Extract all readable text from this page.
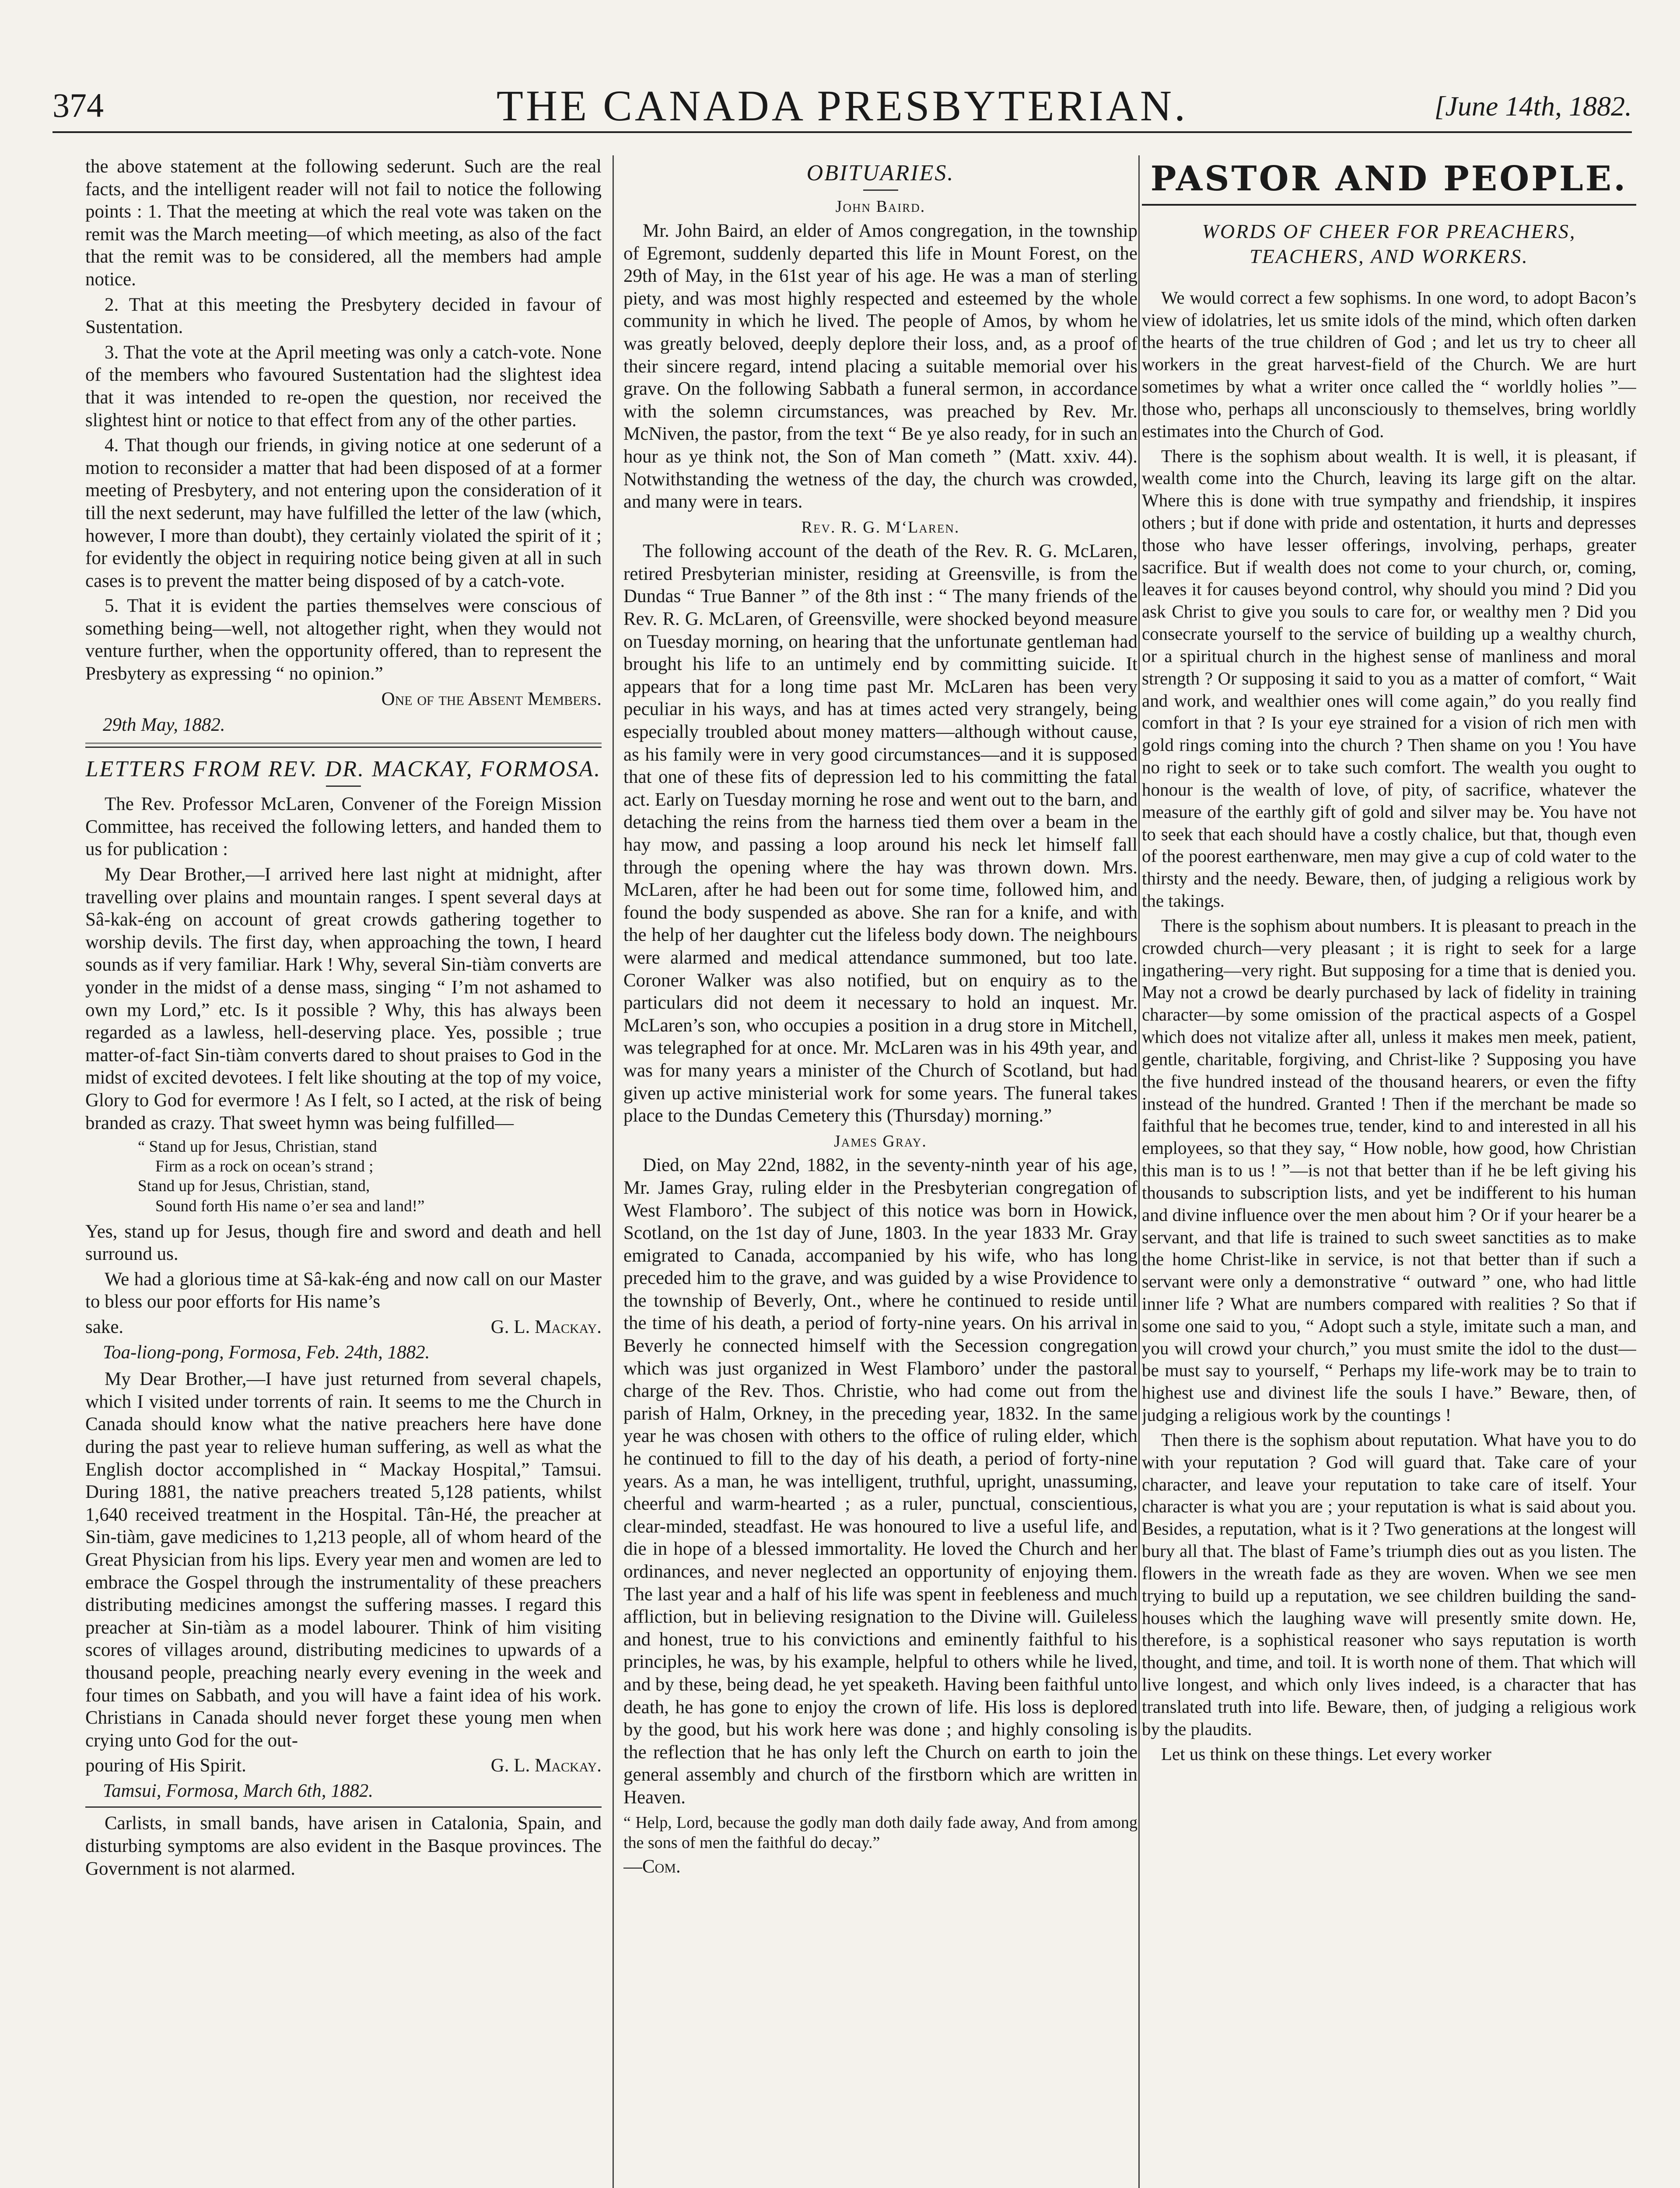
374	THE CANADA PRESBYTERIAN.	[June 14th, 1882.

the above statement at the following sederunt. Such are the real facts, and the intelligent reader will not fail to notice the following points : 1. That the meeting at which the real vote was taken on the remit was the March meeting—of which meeting, as also of the fact that the remit was to be considered, all the members had ample notice.

2. That at this meeting the Presbytery decided in favour of Sustentation.

3. That the vote at the April meeting was only a catch-vote. None of the members who favoured Sustentation had the slightest idea that it was intended to re-open the question, nor received the slightest hint or notice to that effect from any of the other parties.

4. That though our friends, in giving notice at one sederunt of a motion to reconsider a matter that had been disposed of at a former meeting of Presbytery, and not entering upon the consideration of it till the next sederunt, may have fulfilled the letter of the law (which, however, I more than doubt), they certainly violated the spirit of it ; for evidently the object in requiring notice being given at all in such cases is to prevent the matter being disposed of by a catch-vote.

5. That it is evident the parties themselves were conscious of something being—well, not altogether right, when they would not venture further, when the opportunity offered, than to represent the Presbytery as expressing “ no opinion.”

One of the Absent Members.
29th May, 1882.
LETTERS FROM REV. DR. MACKAY, FORMOSA.

The Rev. Professor McLaren, Convener of the Foreign Mission Committee, has received the following letters, and handed them to us for publication :

My Dear Brother,—I arrived here last night at midnight, after travelling over plains and mountain ranges. I spent several days at Sâ-kak-éng on account of great crowds gathering together to worship devils. The first day, when approaching the town, I heard sounds as if very familiar. Hark ! Why, several Sin-tiàm converts are yonder in the midst of a dense mass, singing “ I’m not ashamed to own my Lord,” etc. Is it possible ? Why, this has always been regarded as a lawless, hell-deserving place. Yes, possible ; true matter-of-fact Sin-tiàm converts dared to shout praises to God in the midst of excited devotees. I felt like shouting at the top of my voice, Glory to God for evermore ! As I felt, so I acted, at the risk of being branded as crazy. That sweet hymn was being fulfilled—

“ Stand up for Jesus, Christian, stand
Firm as a rock on ocean’s strand ;
Stand up for Jesus, Christian, stand,
Sound forth His name o’er sea and land!”

Yes, stand up for Jesus, though fire and sword and death and hell surround us.

We had a glorious time at Sâ-kak-éng and now call on our Master to bless our poor efforts for His name’s

sake.	G. L. Mackay.
Toa-liong-pong, Formosa, Feb. 24th, 1882.

My Dear Brother,—I have just returned from several chapels, which I visited under torrents of rain. It seems to me the Church in Canada should know what the native preachers here have done during the past year to relieve human suffering, as well as what the English doctor accomplished in “ Mackay Hospital,” Tamsui. During 1881, the native preachers treated 5,128 patients, whilst 1,640 received treatment in the Hospital. Tân-Hé, the preacher at Sin-tiàm, gave medicines to 1,213 people, all of whom heard of the Great Physician from his lips. Every year men and women are led to embrace the Gospel through the instrumentality of these preachers distributing medicines amongst the suffering masses. I regard this preacher at Sin-tiàm as a model labourer. Think of him visiting scores of villages around, distributing medicines to upwards of a thousand people, preaching nearly every evening in the week and four times on Sabbath, and you will have a faint idea of his work. Christians in Canada should never forget these young men when crying unto God for the out-

pouring of His Spirit.	G. L. Mackay.
Tamsui, Formosa, March 6th, 1882.

Carlists, in small bands, have arisen in Catalonia, Spain, and disturbing symptoms are also evident in the Basque provinces. The Government is not alarmed.

OBITUARIES.
John Baird.

Mr. John Baird, an elder of Amos congregation, in the township of Egremont, suddenly departed this life in Mount Forest, on the 29th of May, in the 61st year of his age. He was a man of sterling piety, and was most highly respected and esteemed by the whole community in which he lived. The people of Amos, by whom he was greatly beloved, deeply deplore their loss, and, as a proof of their sincere regard, intend placing a suitable memorial over his grave. On the following Sabbath a funeral sermon, in accordance with the solemn circumstances, was preached by Rev. Mr. McNiven, the pastor, from the text “ Be ye also ready, for in such an hour as ye think not, the Son of Man cometh ” (Matt. xxiv. 44). Notwithstanding the wetness of the day, the church was crowded, and many were in tears.

Rev. R. G. M‘Laren.

The following account of the death of the Rev. R. G. McLaren, retired Presbyterian minister, residing at Greensville, is from the Dundas “ True Banner ” of the 8th inst : “ The many friends of the Rev. R. G. McLaren, of Greensville, were shocked beyond measure on Tuesday morning, on hearing that the unfortunate gentleman had brought his life to an untimely end by committing suicide. It appears that for a long time past Mr. McLaren has been very peculiar in his ways, and has at times acted very strangely, being especially troubled about money matters—although without cause, as his family were in very good circumstances—and it is supposed that one of these fits of depression led to his committing the fatal act. Early on Tuesday morning he rose and went out to the barn, and detaching the reins from the harness tied them over a beam in the hay mow, and passing a loop around his neck let himself fall through the opening where the hay was thrown down. Mrs. McLaren, after he had been out for some time, followed him, and found the body suspended as above. She ran for a knife, and with the help of her daughter cut the lifeless body down. The neighbours were alarmed and medical attendance summoned, but too late. Coroner Walker was also notified, but on enquiry as to the particulars did not deem it necessary to hold an inquest. Mr. McLaren’s son, who occupies a position in a drug store in Mitchell, was telegraphed for at once. Mr. McLaren was in his 49th year, and was for many years a minister of the Church of Scotland, but had given up active ministerial work for some years. The funeral takes place to the Dundas Cemetery this (Thursday) morning.”

James Gray.

Died, on May 22nd, 1882, in the seventy-ninth year of his age, Mr. James Gray, ruling elder in the Presbyterian congregation of West Flamboro’. The subject of this notice was born in Howick, Scotland, on the 1st day of June, 1803. In the year 1833 Mr. Gray emigrated to Canada, accompanied by his wife, who has long preceded him to the grave, and was guided by a wise Providence to the township of Beverly, Ont., where he continued to reside until the time of his death, a period of forty-nine years. On his arrival in Beverly he connected himself with the Secession congregation which was just organized in West Flamboro’ under the pastoral charge of the Rev. Thos. Christie, who had come out from the parish of Halm, Orkney, in the preceding year, 1832. In the same year he was chosen with others to the office of ruling elder, which he continued to fill to the day of his death, a period of forty-nine years. As a man, he was intelligent, truthful, upright, unassuming, cheerful and warm-hearted ; as a ruler, punctual, conscientious, clear-minded, steadfast. He was honoured to live a useful life, and die in hope of a blessed immortality. He loved the Church and her ordinances, and never neglected an opportunity of enjoying them. The last year and a half of his life was spent in feebleness and much affliction, but in believing resignation to the Divine will. Guileless and honest, true to his convictions and eminently faithful to his principles, he was, by his example, helpful to others while he lived, and by these, being dead, he yet speaketh. Having been faithful unto death, he has gone to enjoy the crown of life. His loss is deplored by the good, but his work here was done ; and highly consoling is the reflection that he has only left the Church on earth to join the general assembly and church of the firstborn which are written in Heaven.

“ Help, Lord, because the godly man doth daily fade away, And from among the sons of men the faithful do decay.”
—Com.
PASTOR AND PEOPLE.
WORDS OF CHEER FOR PREACHERS, TEACHERS, AND WORKERS.

We would correct a few sophisms. In one word, to adopt Bacon’s view of idolatries, let us smite idols of the mind, which often darken the hearts of the true children of God ; and let us try to cheer all workers in the great harvest-field of the Church. We are hurt sometimes by what a writer once called the “ worldly holies ”—those who, perhaps all unconsciously to themselves, bring worldly estimates into the Church of God.

There is the sophism about wealth. It is well, it is pleasant, if wealth come into the Church, leaving its large gift on the altar. Where this is done with true sympathy and friendship, it inspires others ; but if done with pride and ostentation, it hurts and depresses those who have lesser offerings, involving, perhaps, greater sacrifice. But if wealth does not come to your church, or, coming, leaves it for causes beyond control, why should you mind ? Did you ask Christ to give you souls to care for, or wealthy men ? Did you consecrate yourself to the service of building up a wealthy church, or a spiritual church in the highest sense of manliness and moral strength ? Or supposing it said to you as a matter of comfort, “ Wait and work, and wealthier ones will come again,” do you really find comfort in that ? Is your eye strained for a vision of rich men with gold rings coming into the church ? Then shame on you ! You have no right to seek or to take such comfort. The wealth you ought to honour is the wealth of love, of pity, of sacrifice, whatever the measure of the earthly gift of gold and silver may be. You have not to seek that each should have a costly chalice, but that, though even of the poorest earthenware, men may give a cup of cold water to the thirsty and the needy. Beware, then, of judging a religious work by the takings.

There is the sophism about numbers. It is pleasant to preach in the crowded church—very pleasant ; it is right to seek for a large ingathering—very right. But supposing for a time that is denied you. May not a crowd be dearly purchased by lack of fidelity in training character—by some omission of the practical aspects of a Gospel which does not vitalize after all, unless it makes men meek, patient, gentle, charitable, forgiving, and Christ-like ? Supposing you have the five hundred instead of the thousand hearers, or even the fifty instead of the hundred. Granted ! Then if the merchant be made so faithful that he becomes true, tender, kind to and interested in all his employees, so that they say, “ How noble, how good, how Christian this man is to us ! ”—is not that better than if he be left giving his thousands to subscription lists, and yet be indifferent to his human and divine influence over the men about him ? Or if your hearer be a servant, and that life is trained to such sweet sanctities as to make the home Christ-like in service, is not that better than if such a servant were only a demonstrative “ outward ” one, who had little inner life ? What are numbers compared with realities ? So that if some one said to you, “ Adopt such a style, imitate such a man, and you will crowd your church,” you must smite the idol to the dust—be must say to yourself, “ Perhaps my life-work may be to train to highest use and divinest life the souls I have.” Beware, then, of judging a religious work by the countings !

Then there is the sophism about reputation. What have you to do with your reputation ? God will guard that. Take care of your character, and leave your reputation to take care of itself. Your character is what you are ; your reputation is what is said about you. Besides, a reputation, what is it ? Two generations at the longest will bury all that. The blast of Fame’s triumph dies out as you listen. The flowers in the wreath fade as they are woven. When we see men trying to build up a reputation, we see children building the sand-houses which the laughing wave will presently smite down. He, therefore, is a sophistical reasoner who says reputation is worth thought, and time, and toil. It is worth none of them. That which will live longest, and which only lives indeed, is a character that has translated truth into life. Beware, then, of judging a religious work by the plaudits.

Let us think on these things. Let every worker
